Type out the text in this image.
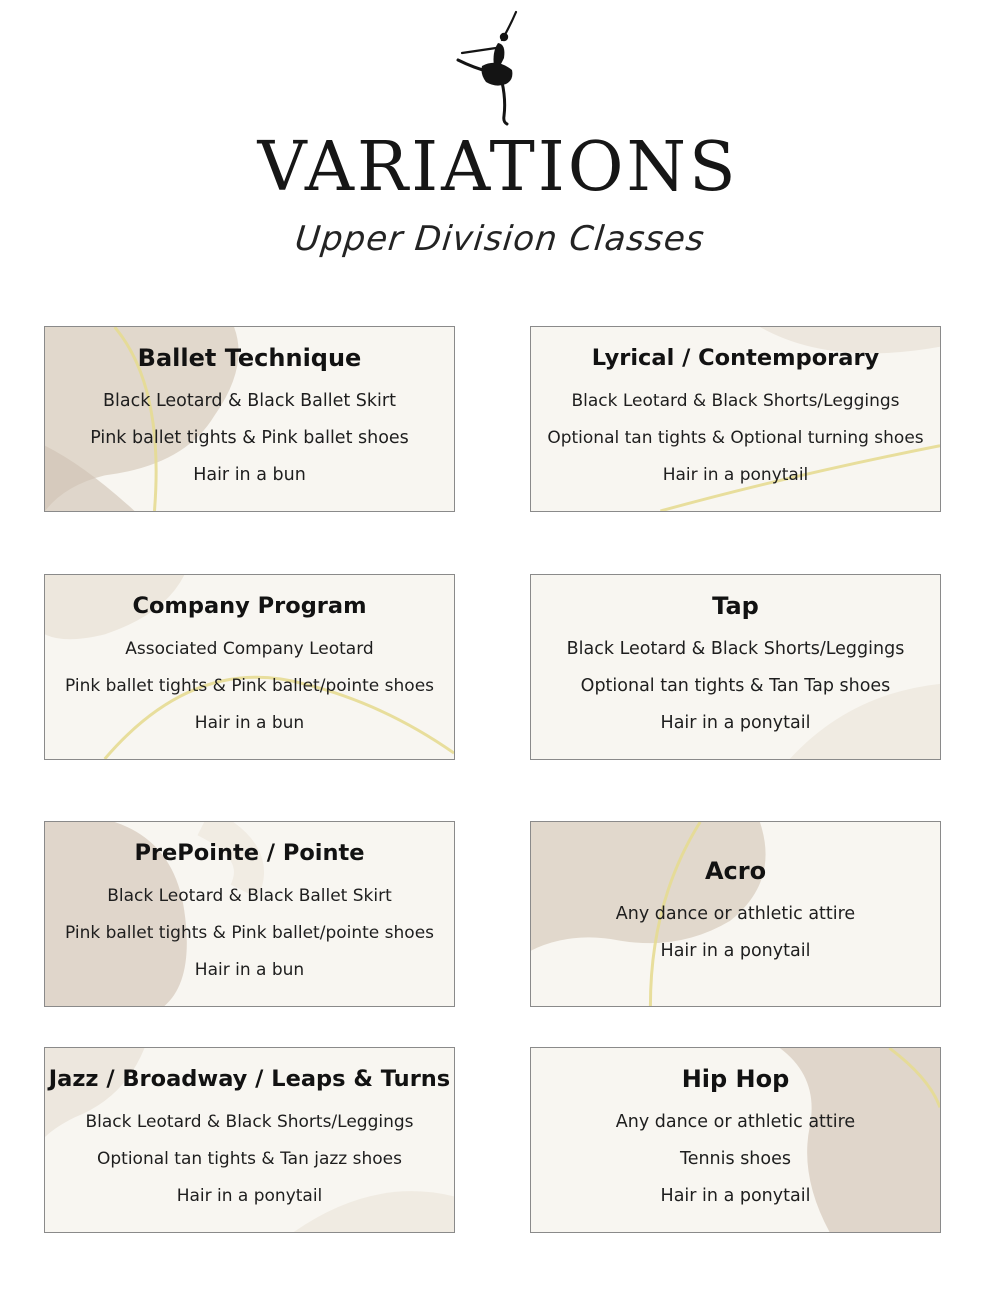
VARIATIONS
Upper Division Classes
Ballet Technique

Black Leotard & Black Ballet Skirt

Pink ballet tights & Pink ballet shoes

Hair in a bun

Lyrical / Contemporary

Black Leotard & Black Shorts/Leggings

Optional tan tights & Optional turning shoes

Hair in a ponytail

Company Program

Associated Company Leotard

Pink ballet tights & Pink ballet/pointe shoes

Hair in a bun

Tap

Black Leotard & Black Shorts/Leggings

Optional tan tights & Tan Tap shoes

Hair in a ponytail

PrePointe / Pointe

Black Leotard & Black Ballet Skirt

Pink ballet tights & Pink ballet/pointe shoes

Hair in a bun

Acro

Any dance or athletic attire

Hair in a ponytail

Jazz / Broadway / Leaps & Turns

Black Leotard & Black Shorts/Leggings

Optional tan tights & Tan jazz shoes

Hair in a ponytail

Hip Hop

Any dance or athletic attire

Tennis shoes

Hair in a ponytail
